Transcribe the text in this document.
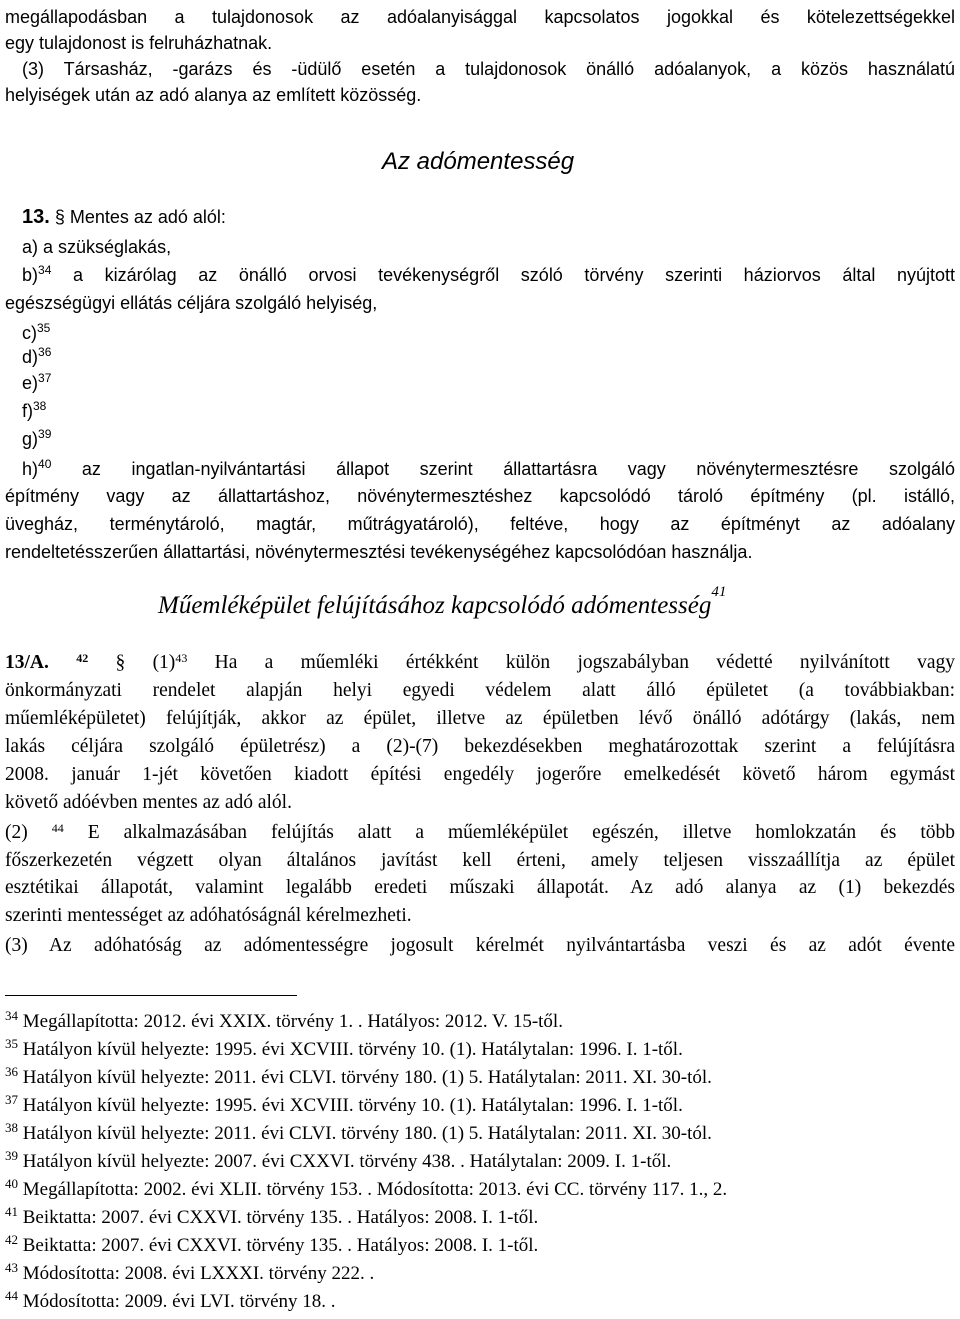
megállapodásban a tulajdonosok az adóalanyisággal kapcsolatos jogokkal és kötelezettségekkel
egy tulajdonost is felruházhatnak.
(3) Társasház, -garázs és -üdülő esetén a tulajdonosok önálló adóalanyok, a közös használatú
helyiségek után az adó alanya az említett közösség.
Az adómentesség
13. § Mentes az adó alól:
a) a szükséglakás,
b)$^{34}$ a kizárólag az önálló orvosi tevékenységről szóló törvény szerinti háziorvos által nyújtott
egészségügyi ellátás céljára szolgáló helyiség,
c)$^{35}$
d)$^{36}$
e)$^{37}$
f)$^{38}$
g)$^{39}$
h)$^{40}$ az ingatlan-nyilvántartási állapot szerint állattartásra vagy növénytermesztésre szolgáló
építmény vagy az állattartáshoz, növénytermesztéshez kapcsolódó tároló építmény (pl. istálló,
üvegház, terménytároló, magtár, műtrágyatároló), feltéve, hogy az építményt az adóalany
rendeltetésszerűen állattartási, növénytermesztési tevékenységéhez kapcsolódóan használja.
Műemléképület felújításához kapcsolódó adómentesség$^{41}$
13/A. $^{42}$ § $(1)^{43}$ Ha a műemléki értékként külön jogszabályban védetté nyilvánított vagy
önkormányzati rendelet alapján helyi egyedi védelem alatt álló épületet (a továbbiakban:
műemléképületet) felújítják, akkor az épület, illetve az épületben lévő önálló adótárgy (lakás, nem
lakás céljára szolgáló épületrész) a (2)-(7) bekezdésekben meghatározottak szerint a felújításra
2008. január 1-jét követően kiadott építési engedély jogerőre emelkedését követő három egymást
követő adóévben mentes az adó alól.
(2) $^{44}$ E alkalmazásában felújítás alatt a műemléképület egészén, illetve homlokzatán és több
főszerkezetén végzett olyan általános javítást kell érteni, amely teljesen visszaállítja az épület
esztétikai állapotát, valamint legalább eredeti műszaki állapotát. Az adó alanya az (1) bekezdés
szerinti mentességet az adóhatóságnál kérelmezheti.
(3) Az adóhatóság az adómentességre jogosult kérelmét nyilvántartásba veszi és az adót évente
$^{34}$ Megállapította: 2012. évi XXIX. törvény 1. . Hatályos: 2012. V. 15-től.
$^{35}$ Hatályon kívül helyezte: 1995. évi XCVIII. törvény 10. (1). Hatálytalan: 1996. I. 1-től.
$^{36}$ Hatályon kívül helyezte: 2011. évi CLVI. törvény 180. (1) 5. Hatálytalan: 2011. XI. 30-tól.
$^{37}$ Hatályon kívül helyezte: 1995. évi XCVIII. törvény 10. (1). Hatálytalan: 1996. I. 1-től.
$^{38}$ Hatályon kívül helyezte: 2011. évi CLVI. törvény 180. (1) 5. Hatálytalan: 2011. XI. 30-tól.
$^{39}$ Hatályon kívül helyezte: 2007. évi CXXVI. törvény 438. . Hatálytalan: 2009. I. 1-től.
$^{40}$ Megállapította: 2002. évi XLII. törvény 153. . Módosította: 2013. évi CC. törvény 117. 1., 2.
$^{41}$ Beiktatta: 2007. évi CXXVI. törvény 135. . Hatályos: 2008. I. 1-től.
$^{42}$ Beiktatta: 2007. évi CXXVI. törvény 135. . Hatályos: 2008. I. 1-től.
$^{43}$ Módosította: 2008. évi LXXXI. törvény 222. .
$^{44}$ Módosította: 2009. évi LVI. törvény 18. .
